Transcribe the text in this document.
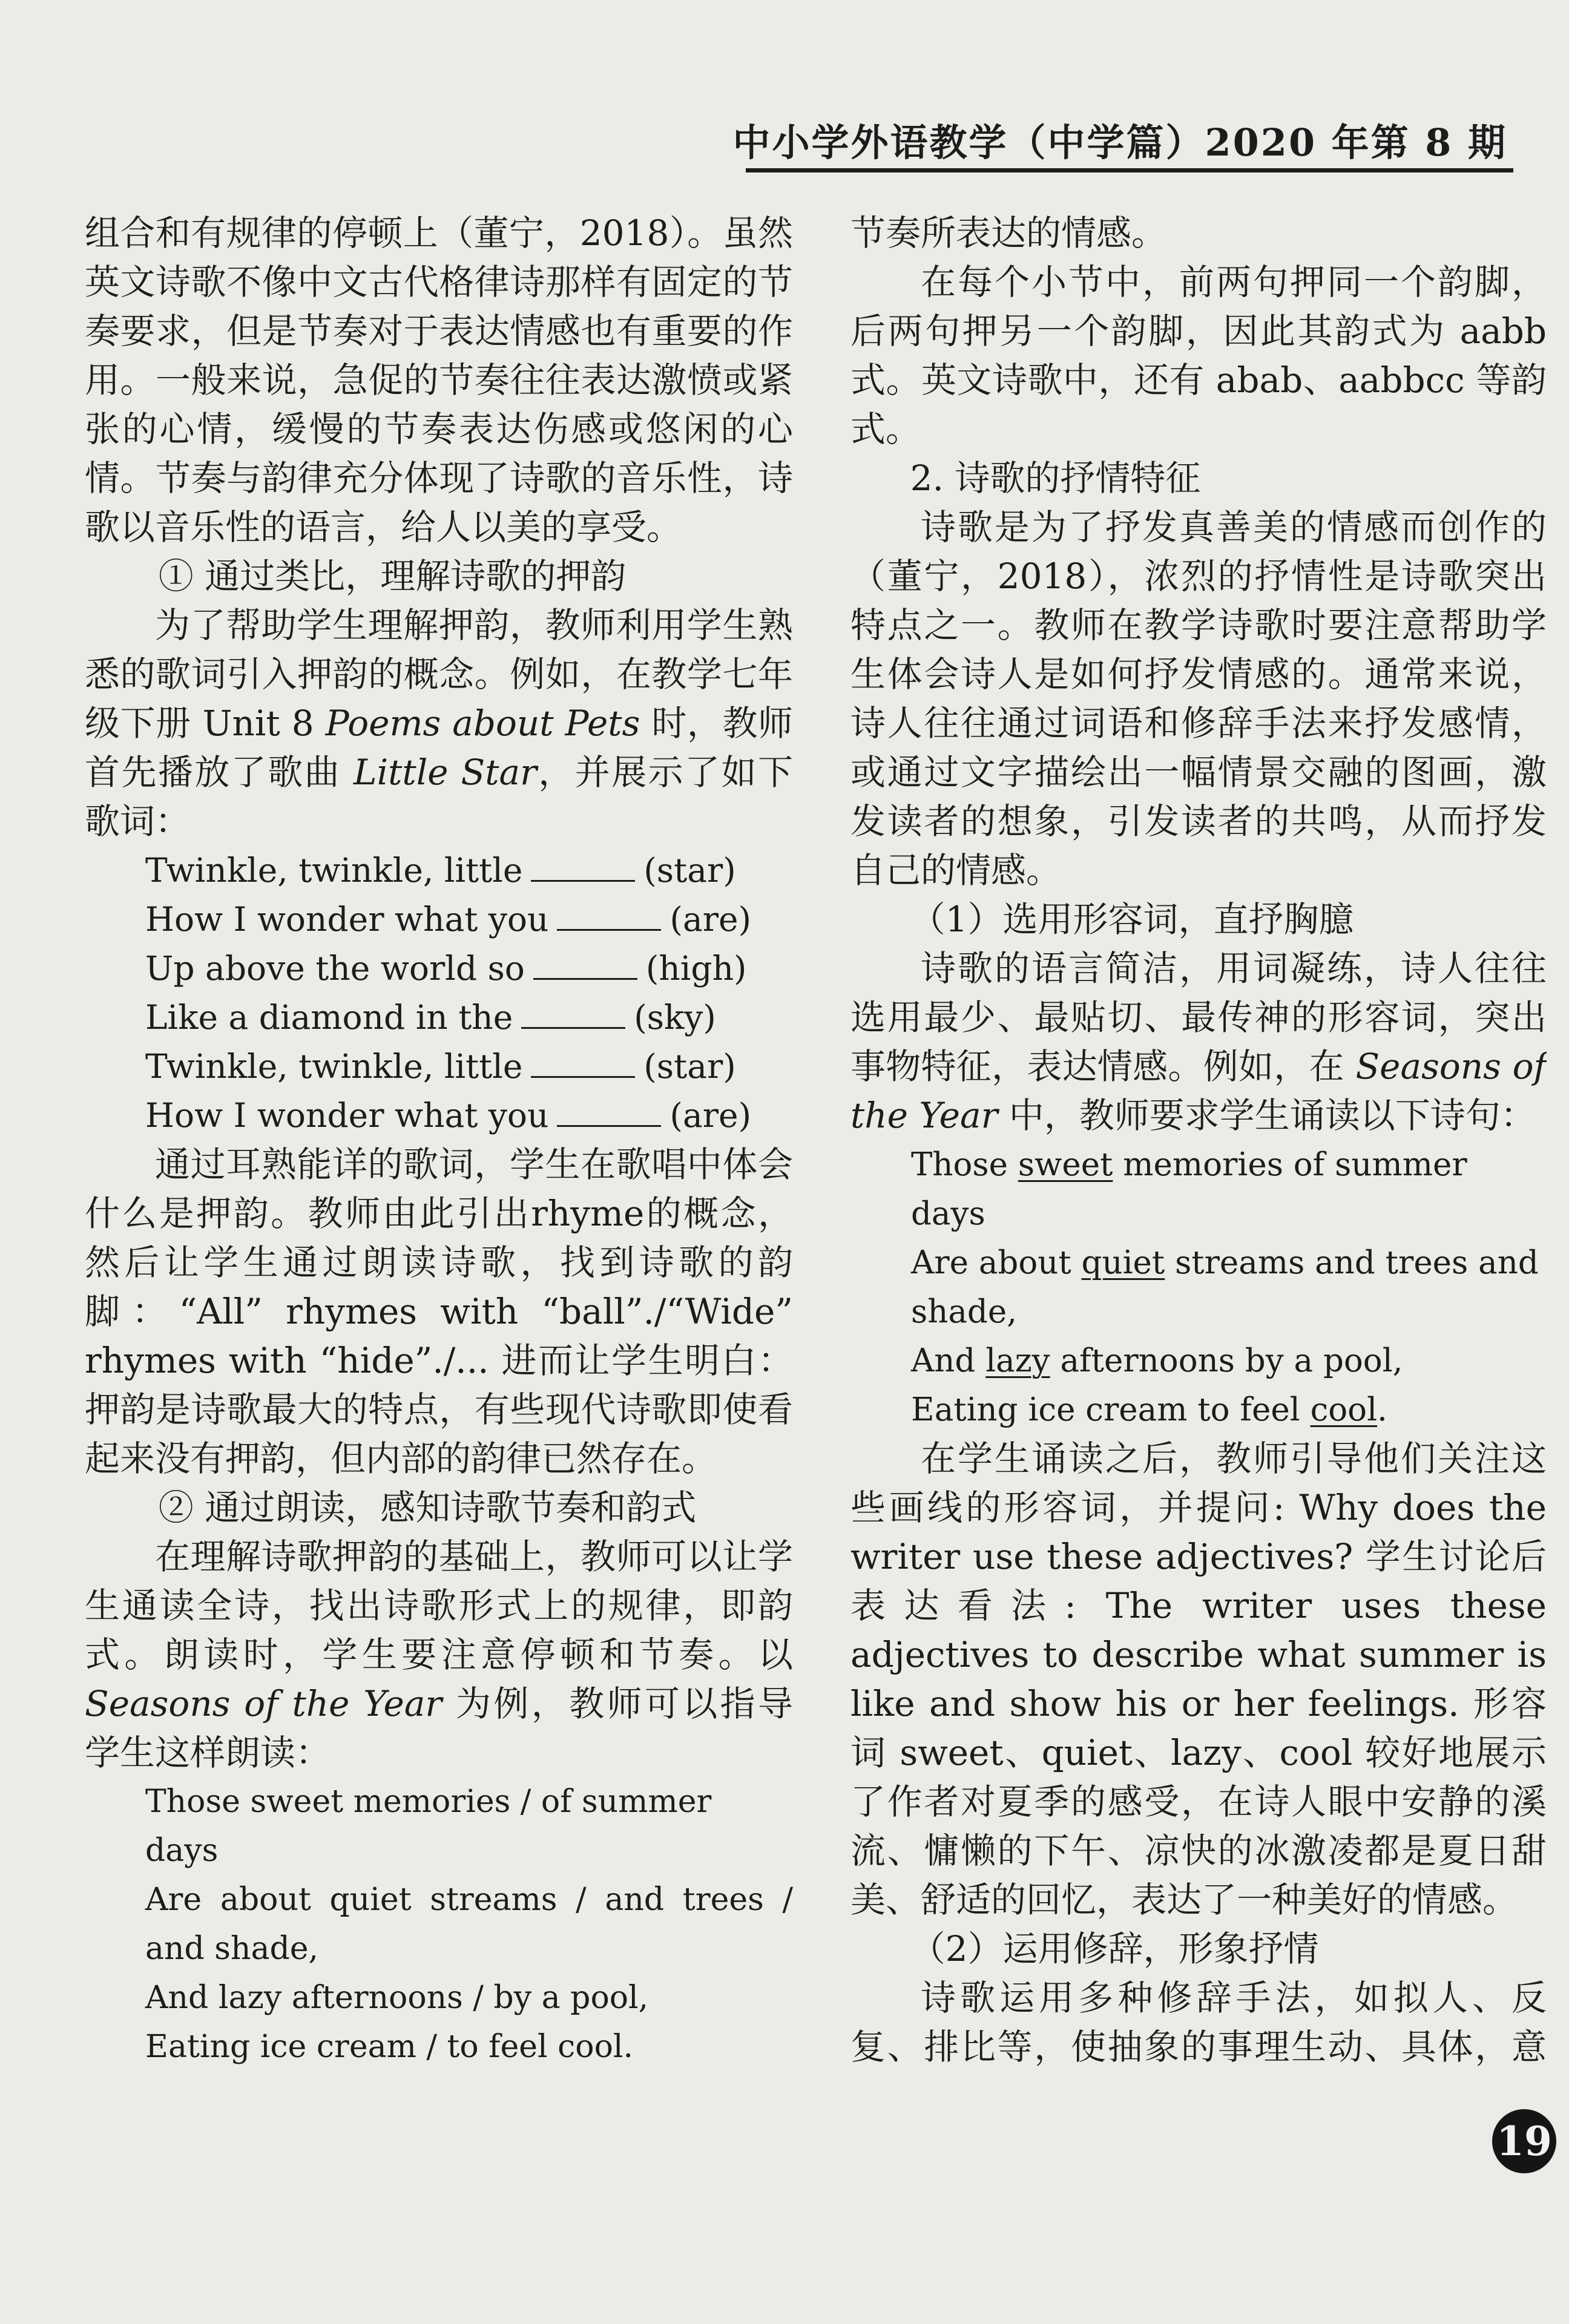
中小学外语教学（中学篇）2020 年第 8 期

组合和有规律的停顿上（董宁，2018）。虽然英文诗歌不像中文古代格律诗那样有固定的节奏要求，但是节奏对于表达情感也有重要的作用。一般来说，急促的节奏往往表达激愤或紧张的心情，缓慢的节奏表达伤感或悠闲的心情。节奏与韵律充分体现了诗歌的音乐性，诗歌以音乐性的语言，给人以美的享受。

① 通过类比，理解诗歌的押韵

为了帮助学生理解押韵，教师利用学生熟悉的歌词引入押韵的概念。例如，在教学七年级下册 Unit 8 Poems about Pets 时，教师首先播放了歌曲 Little Star，并展示了如下歌词：

Twinkle, twinkle, little	(star)

How I wonder what you	(are)

Up above the world so	(high)

Like a diamond in the	(sky)

Twinkle, twinkle, little	(star)

How I wonder what you	(are)

通过耳熟能详的歌词，学生在歌唱中体会什么是押韵。教师由此引出rhyme的概念，然后让学生通过朗读诗歌，找到诗歌的韵脚：“All” rhymes with “ball”./“Wide” rhymes with “hide”./... 进而让学生明白：押韵是诗歌最大的特点，有些现代诗歌即使看起来没有押韵，但内部的韵律已然存在。

② 通过朗读，感知诗歌节奏和韵式

在理解诗歌押韵的基础上，教师可以让学生通读全诗，找出诗歌形式上的规律，即韵式。朗读时，学生要注意停顿和节奏。以 Seasons of the Year 为例，教师可以指导学生这样朗读：

Those sweet memories / of summer days

Are about quiet streams / and trees / and shade,

And lazy afternoons / by a pool,

Eating ice cream / to feel cool.

节奏所表达的情感。

在每个小节中，前两句押同一个韵脚，后两句押另一个韵脚，因此其韵式为 aabb 式。英文诗歌中，还有 abab、aabbcc 等韵式。

2. 诗歌的抒情特征

诗歌是为了抒发真善美的情感而创作的（董宁，2018），浓烈的抒情性是诗歌突出特点之一。教师在教学诗歌时要注意帮助学生体会诗人是如何抒发情感的。通常来说，诗人往往通过词语和修辞手法来抒发感情，或通过文字描绘出一幅情景交融的图画，激发读者的想象，引发读者的共鸣，从而抒发自己的情感。

（1）选用形容词，直抒胸臆

诗歌的语言简洁，用词凝练，诗人往往选用最少、最贴切、最传神的形容词，突出事物特征，表达情感。例如，在 Seasons of the Year 中，教师要求学生诵读以下诗句：

Those sweet memories of summer days

Are about quiet streams and trees and shade,

And lazy afternoons by a pool,

Eating ice cream to feel cool.

在学生诵读之后，教师引导他们关注这些画线的形容词，并提问: Why does the writer use these adjectives? 学生讨论后表达看法: The writer uses these adjectives to describe what summer is like and show his or her feelings. 形容词 sweet、quiet、lazy、cool 较好地展示了作者对夏季的感受，在诗人眼中安静的溪流、慵懒的下午、凉快的冰激凌都是夏日甜美、舒适的回忆，表达了一种美好的情感。

（2）运用修辞，形象抒情

诗歌运用多种修辞手法，如拟人、反复、排比等，使抽象的事理生动、具体，意

19
